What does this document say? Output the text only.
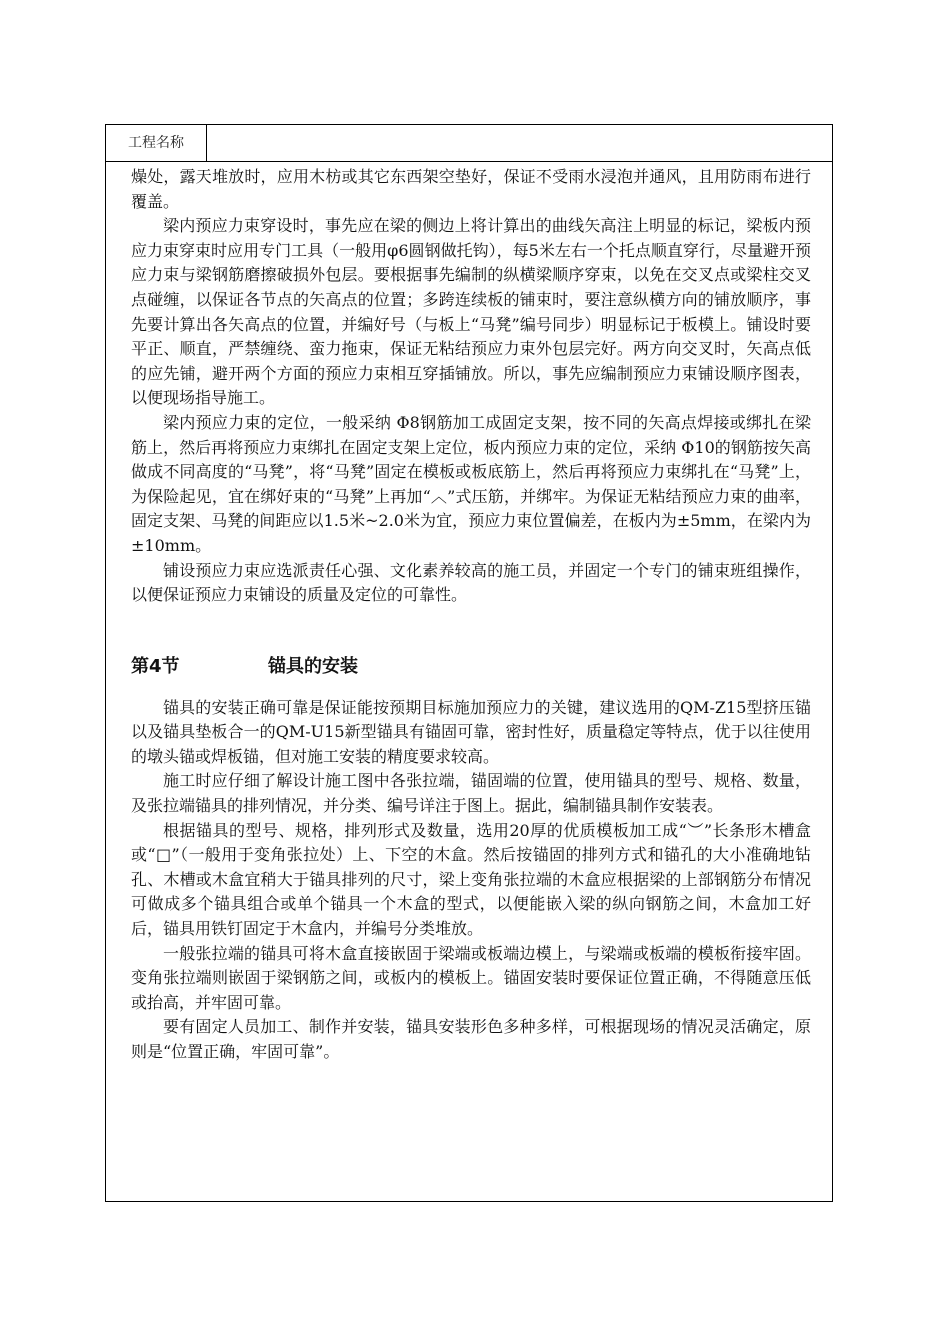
工程名称

燥处，露天堆放时，应用木枋或其它东西架空垫好，保证不受雨水浸泡并通风，且用防雨布进行覆盖。

梁内预应力束穿设时，事先应在梁的侧边上将计算出的曲线矢高注上明显的标记，梁板内预应力束穿束时应用专门工具（一般用φ6圆钢做托钩），每5米左右一个托点顺直穿行，尽量避开预应力束与梁钢筋磨擦破损外包层。要根据事先编制的纵横梁顺序穿束，以免在交叉点或梁柱交叉点碰缠，以保证各节点的矢高点的位置；多跨连续板的铺束时，要注意纵横方向的铺放顺序，事先要计算出各矢高点的位置，并编好号（与板上“马凳”编号同步）明显标记于板模上。铺设时要平正、顺直，严禁缠绕、蛮力拖束，保证无粘结预应力束外包层完好。两方向交叉时，矢高点低的应先铺，避开两个方面的预应力束相互穿插铺放。所以，事先应编制预应力束铺设顺序图表，以便现场指导施工。

梁内预应力束的定位，一般采纳 Φ8钢筋加工成固定支架，按不同的矢高点焊接或绑扎在梁筋上，然后再将预应力束绑扎在固定支架上定位，板内预应力束的定位，采纳 Φ10的钢筋按矢高做成不同高度的“马凳”，将“马凳”固定在模板或板底筋上，然后再将预应力束绑扎在“马凳”上，为保险起见，宜在绑好束的“马凳”上再加“︿”式压筋，并绑牢。为保证无粘结预应力束的曲率，固定支架、马凳的间距应以1.5米~2.0米为宜，预应力束位置偏差，在板内为±5mm，在梁内为±10mm。

铺设预应力束应选派责任心强、文化素养较高的施工员，并固定一个专门的铺束班组操作，以便保证预应力束铺设的质量及定位的可靠性。

第4节	锚具的安装

锚具的安装正确可靠是保证能按预期目标施加预应力的关键，建议选用的QM-Z15型挤压锚以及锚具垫板合一的QM-U15新型锚具有锚固可靠，密封性好，质量稳定等特点，优于以往使用的墩头锚或焊板锚，但对施工安装的精度要求较高。

施工时应仔细了解设计施工图中各张拉端，锚固端的位置，使用锚具的型号、规格、数量，及张拉端锚具的排列情况，并分类、编号详注于图上。据此，编制锚具制作安装表。

根据锚具的型号、规格，排列形式及数量，选用20厚的优质模板加工成“︶”长条形木槽盒或“□”（一般用于变角张拉处）上、下空的木盒。然后按锚固的排列方式和锚孔的大小准确地钻孔、木槽或木盒宜稍大于锚具排列的尺寸，梁上变角张拉端的木盒应根据梁的上部钢筋分布情况可做成多个锚具组合或单个锚具一个木盒的型式，以便能嵌入梁的纵向钢筋之间，木盒加工好后，锚具用铁钉固定于木盒内，并编号分类堆放。

一般张拉端的锚具可将木盒直接嵌固于梁端或板端边模上，与梁端或板端的模板衔接牢固。变角张拉端则嵌固于梁钢筋之间，或板内的模板上。锚固安装时要保证位置正确，不得随意压低或抬高，并牢固可靠。

要有固定人员加工、制作并安装，锚具安装形色多种多样，可根据现场的情况灵活确定，原则是“位置正确，牢固可靠”。
